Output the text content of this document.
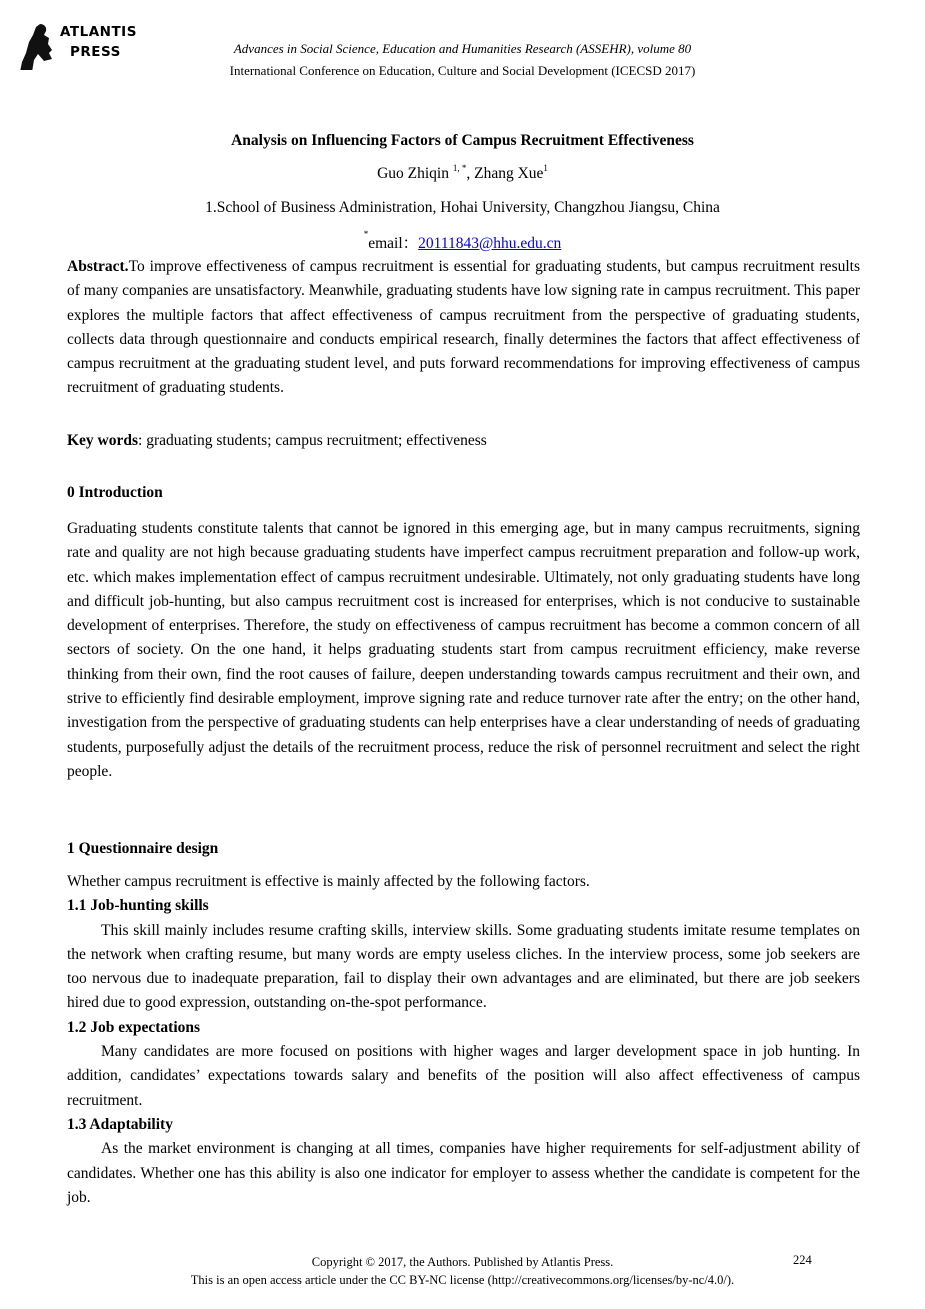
ATLANTIS
PRESS	Advances in Social Science, Education and Humanities Research (ASSEHR), volume 80
International Conference on Education, Culture and Social Development (ICECSD 2017)
Analysis on Influencing Factors of Campus Recruitment Effectiveness
Guo Zhiqin $^{1, *}$, Zhang Xue$^1$
1.School of Business Administration, Hohai University, Changzhou Jiangsu, China
*email：20111843@hhu.edu.cn

Abstract.To improve effectiveness of campus recruitment is essential for graduating students, but campus recruitment results of many companies are unsatisfactory. Meanwhile, graduating students have low signing rate in campus recruitment. This paper explores the multiple factors that affect effectiveness of campus recruitment from the perspective of graduating students, collects data through questionnaire and conducts empirical research, finally determines the factors that affect effectiveness of campus recruitment at the graduating student level, and puts forward recommendations for improving effectiveness of campus recruitment of graduating students.

Key words: graduating students; campus recruitment; effectiveness

0 Introduction

Graduating students constitute talents that cannot be ignored in this emerging age, but in many campus recruitments, signing rate and quality are not high because graduating students have imperfect campus recruitment preparation and follow-up work, etc. which makes implementation effect of campus recruitment undesirable. Ultimately, not only graduating students have long and difficult job-hunting, but also campus recruitment cost is increased for enterprises, which is not conducive to sustainable development of enterprises. Therefore, the study on effectiveness of campus recruitment has become a common concern of all sectors of society. On the one hand, it helps graduating students start from campus recruitment efficiency, make reverse thinking from their own, find the root causes of failure, deepen understanding towards campus recruitment and their own, and strive to efficiently find desirable employment, improve signing rate and reduce turnover rate after the entry; on the other hand, investigation from the perspective of graduating students can help enterprises have a clear understanding of needs of graduating students, purposefully adjust the details of the recruitment process, reduce the risk of personnel recruitment and select the right people.

1 Questionnaire design

Whether campus recruitment is effective is mainly affected by the following factors.

1.1 Job-hunting skills

This skill mainly includes resume crafting skills, interview skills. Some graduating students imitate resume templates on the network when crafting resume, but many words are empty useless cliches. In the interview process, some job seekers are too nervous due to inadequate preparation, fail to display their own advantages and are eliminated, but there are job seekers hired due to good expression, outstanding on-the-spot performance.

1.2 Job expectations

Many candidates are more focused on positions with higher wages and larger development space in job hunting. In addition, candidates’ expectations towards salary and benefits of the position will also affect effectiveness of campus recruitment.

1.3 Adaptability

As the market environment is changing at all times, companies have higher requirements for self-adjustment ability of candidates. Whether one has this ability is also one indicator for employer to assess whether the candidate is competent for the job.

Copyright © 2017, the Authors. Published by Atlantis Press.	224
This is an open access article under the CC BY-NC license (http://creativecommons.org/licenses/by-nc/4.0/).
